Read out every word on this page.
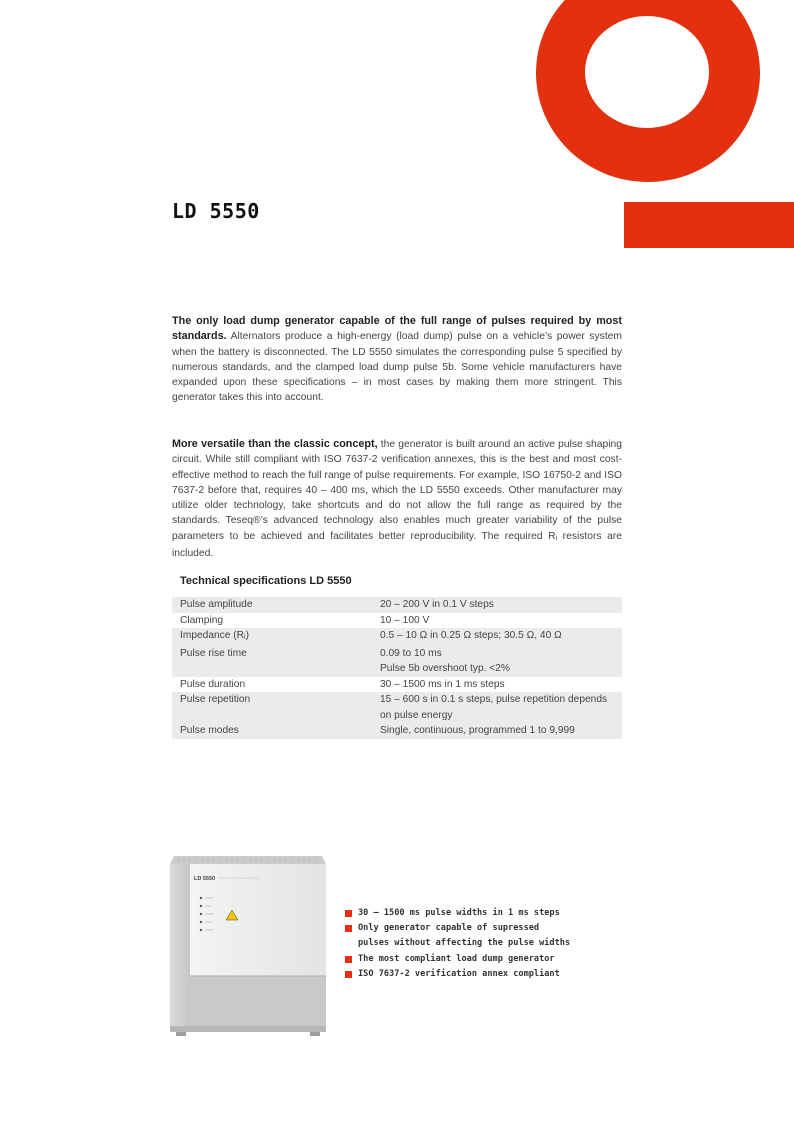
LD 5550

The only load dump generator capable of the full range of pulses required by most standards. Alternators produce a high-energy (load dump) pulse on a vehicle’s power system when the battery is disconnected. The LD 5550 simulates the corresponding pulse 5 specified by numerous standards, and the clamped load dump pulse 5b. Some vehicle manufacturers have expanded upon these specifications – in most cases by making them more stringent. This generator takes this into account.

More versatile than the classic concept, the generator is built around an active pulse shaping circuit. While still compliant with ISO 7637-2 verification annexes, this is the best and most cost-effective method to reach the full range of pulse requirements. For example, ISO 16750-2 and ISO 7637-2 before that, requires 40 – 400 ms, which the LD 5550 exceeds. Other manufacturer may utilize older technology, take shortcuts and do not allow the full range as required by the standards. Teseq®’s advanced technology also enables much greater variability of the pulse parameters to be achieved and facilitates better reproducibility. The required Ri resistors are included.

Technical specifications LD 5550
Pulse amplitude	20 – 200 V in 0.1 V steps
Clamping	10 – 100 V
Impedance (Ri)	0.5 – 10 Ω in 0.25 Ω steps; 30.5 Ω, 40 Ω
Pulse rise time	0.09 to 10 ms
Pulse 5b overshoot typ. <2%

Pulse duration	30 – 1500 ms in 1 ms steps
Pulse repetition	15 – 600 s in 0.1 s steps, pulse repetition depends
on pulse energy

Pulse modes	Single, continuous, programmed 1 to 9,999
LD 5550
30 – 1500 ms pulse widths in 1 ms steps
Only generator capable of supressed
pulses without affecting the pulse widths
The most compliant load dump generator
ISO 7637-2 verification annex compliant
